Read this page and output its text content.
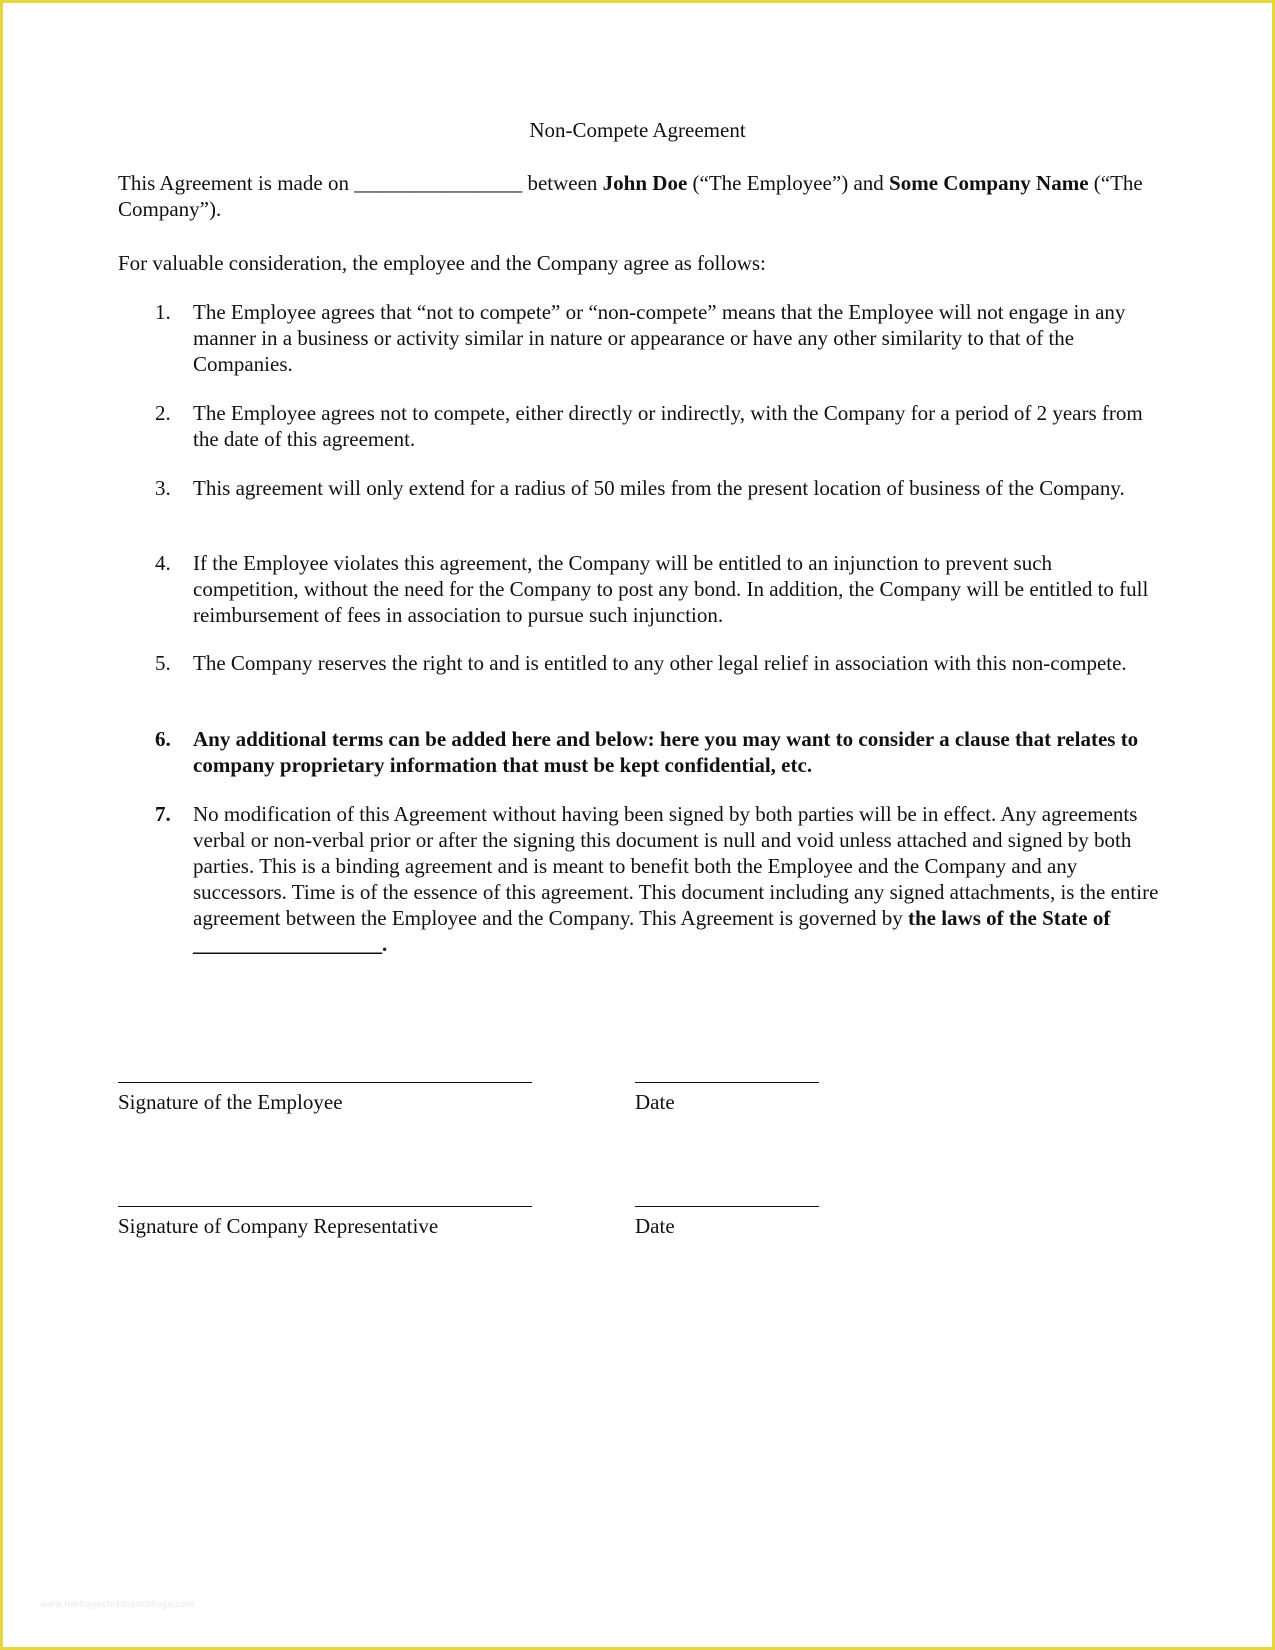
Non-Compete Agreement
This Agreement is made on ________________ between John Doe (“The Employee”) and Some Company Name (“The Company”).
For valuable consideration, the employee and the Company agree as follows:
1.	The Employee agrees that “not to compete” or “non-compete” means that the Employee will not engage in any manner in a business or activity similar in nature or appearance or have any other similarity to that of the Companies.
2.	The Employee agrees not to compete, either directly or indirectly, with the Company for a period of 2 years from the date of this agreement.
3.	This agreement will only extend for a radius of 50 miles from the present location of business of the Company.
4.	If the Employee violates this agreement, the Company will be entitled to an injunction to prevent such competition, without the need for the Company to post any bond. In addition, the Company will be entitled to full reimbursement of fees in association to pursue such injunction.
5.	The Company reserves the right to and is entitled to any other legal relief in association with this non-compete.
6.	Any additional terms can be added here and below: here you may want to consider a clause that relates to company proprietary information that must be kept confidential, etc.
7.	No modification of this Agreement without having been signed by both parties will be in effect. Any agreements verbal or non-verbal prior or after the signing this document is null and void unless attached and signed by both parties. This is a binding agreement and is meant to benefit both the Employee and the Company and any successors. Time is of the essence of this agreement. This document including any signed attachments, is the entire agreement between the Employee and the Company. This Agreement is governed by the laws of the State of __________________.
Signature of the Employee	Date
Signature of Company Representative	Date
www.heritagechristiancollege.com
